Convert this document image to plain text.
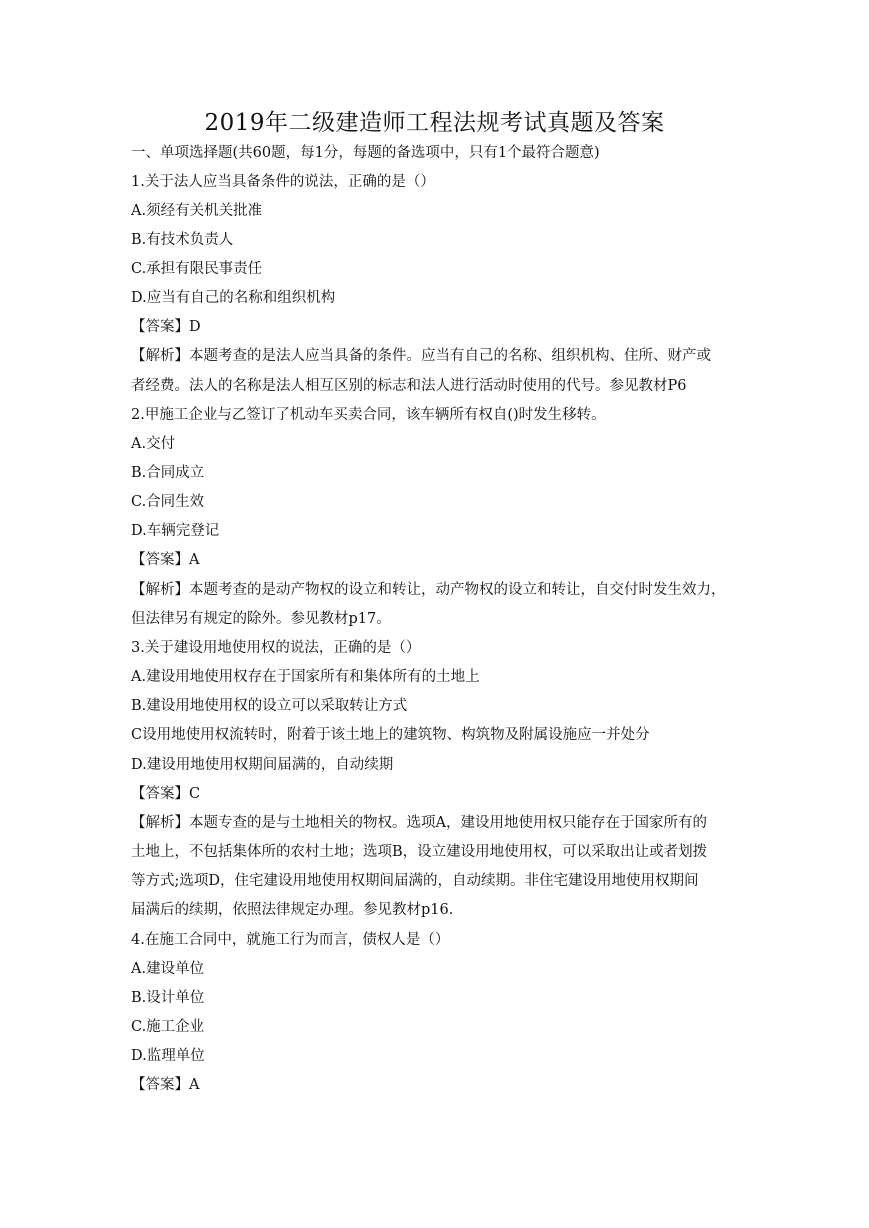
2019年二级建造师工程法规考试真题及答案
一、单项选择题(共60题，每1分，每题的备选项中，只有1个最符合题意)
1.关于法人应当具备条件的说法，正确的是（）
A.须经有关机关批准
B.有技术负责人
C.承担有限民事责任
D.应当有自己的名称和组织机构
【答案】D
【解析】本题考查的是法人应当具备的条件。应当有自己的名称、组织机构、住所、财产或
者经费。法人的名称是法人相互区别的标志和法人进行活动时使用的代号。参见教材P6
2.甲施工企业与乙签订了机动车买卖合同，该车辆所有权自()时发生移转。
A.交付
B.合同成立
C.合同生效
D.车辆完登记
【答案】A
【解析】本题考查的是动产物权的设立和转让，动产物权的设立和转让，自交付时发生效力，
但法律另有规定的除外。参见教材p17。
3.关于建设用地使用权的说法，正确的是（）
A.建设用地使用权存在于国家所有和集体所有的土地上
B.建设用地使用权的设立可以采取转让方式
C设用地使用权流转时，附着于该土地上的建筑物、构筑物及附属设施应一并处分
D.建设用地使用权期间届满的，自动续期
【答案】C
【解析】本题专查的是与土地相关的物权。选项A，建设用地使用权只能存在于国家所有的
土地上，不包括集体所的农村土地；选项B，设立建设用地使用权，可以采取出让或者划拨
等方式;选项D，住宅建设用地使用权期间届满的，自动续期。非住宅建设用地使用权期间
届满后的续期，依照法律规定办理。参见教材p16.
4.在施工合同中，就施工行为而言，债权人是（）
A.建设单位
B.设计单位
C.施工企业
D.监理单位
【答案】A
